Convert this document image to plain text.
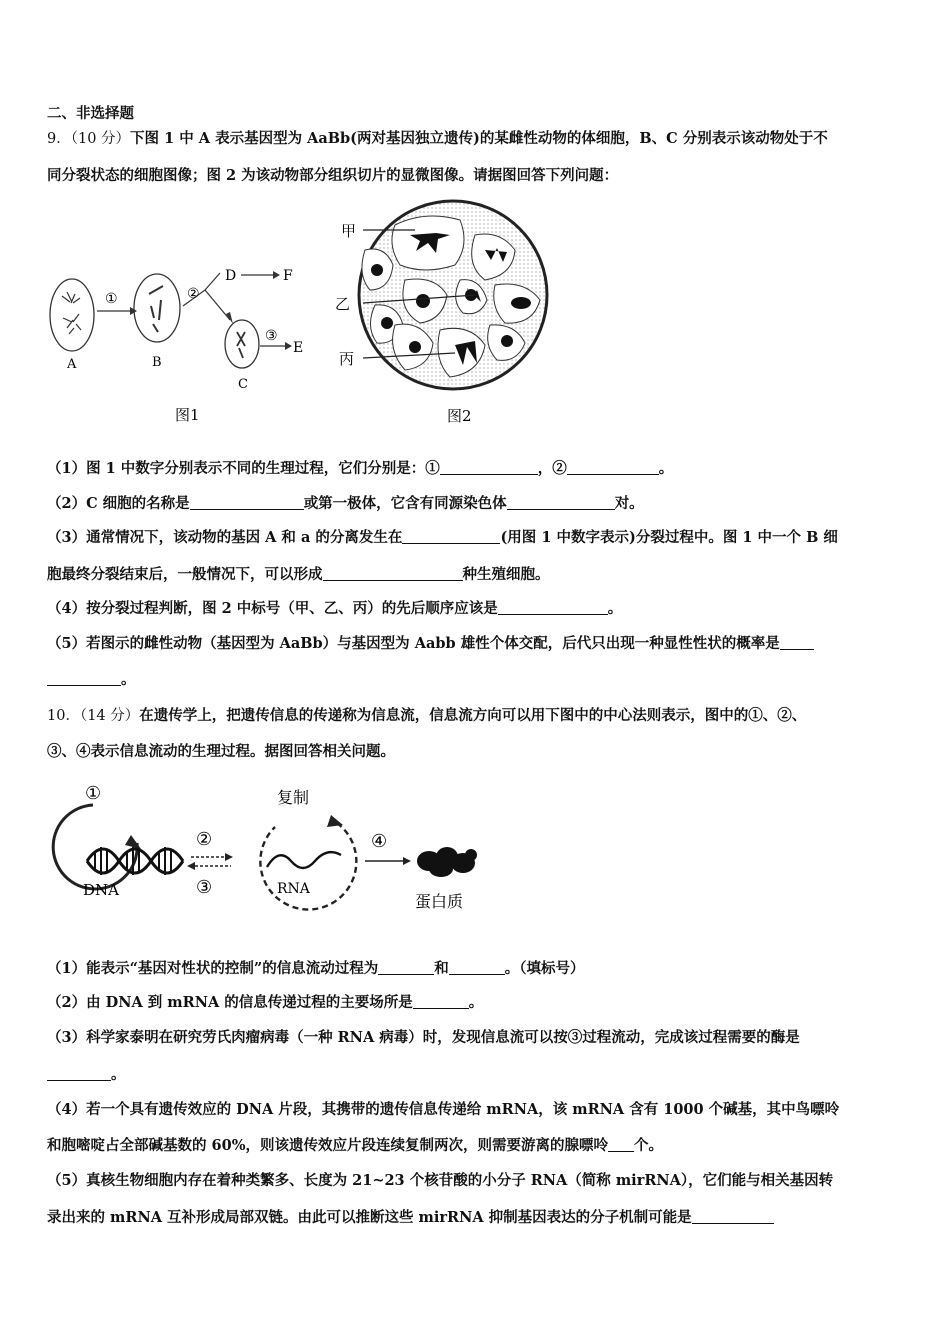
二、非选择题
9．（10 分）下图 1 中 A 表示基因型为 AaBb(两对基因独立遗传)的某雌性动物的体细胞，B、C 分别表示该动物处于不
同分裂状态的细胞图像；图 2 为该动物部分组织切片的显微图像。请据图回答下列问题：
A
①
B
②
D	F
C
③
E
图1
甲
乙
丙
图2
（1）图 1 中数字分别表示不同的生理过程，它们分别是：①	，②	。
（2）C 细胞的名称是	或第一极体，它含有同源染色体	对。
（3）通常情况下，该动物的基因 A 和 a 的分离发生在	(用图 1 中数字表示)分裂过程中。图 1 中一个 B 细
胞最终分裂结束后，一般情况下，可以形成	种生殖细胞。
（4）按分裂过程判断，图 2 中标号（甲、乙、丙）的先后顺序应该是	。
（5）若图示的雌性动物（基因型为 AaBb）与基因型为 Aabb 雄性个体交配，后代只出现一种显性性状的概率是
。
10．（14 分）在遗传学上，把遗传信息的传递称为信息流，信息流方向可以用下图中的中心法则表示，图中的①、②、
③、④表示信息流动的生理过程。据图回答相关问题。
①
DNA
②
③
复制
RNA
④
蛋白质
（1）能表示“基因对性状的控制”的信息流动过程为	和	。（填标号）
（2）由 DNA 到 mRNA 的信息传递过程的主要场所是	。
（3）科学家泰明在研究劳氏肉瘤病毒（一种 RNA 病毒）时，发现信息流可以按③过程流动，完成该过程需要的酶是
。
（4）若一个具有遗传效应的 DNA 片段，其携带的遗传信息传递给 mRNA，该 mRNA 含有 1000 个碱基，其中鸟嘌呤
和胞嘧啶占全部碱基数的 60%，则该遗传效应片段连续复制两次，则需要游离的腺嘌呤 个。
（5）真核生物细胞内存在着种类繁多、长度为 21~23 个核苷酸的小分子 RNA（简称 mirRNA），它们能与相关基因转
录出来的 mRNA 互补形成局部双链。由此可以推断这些 mirRNA 抑制基因表达的分子机制可能是
